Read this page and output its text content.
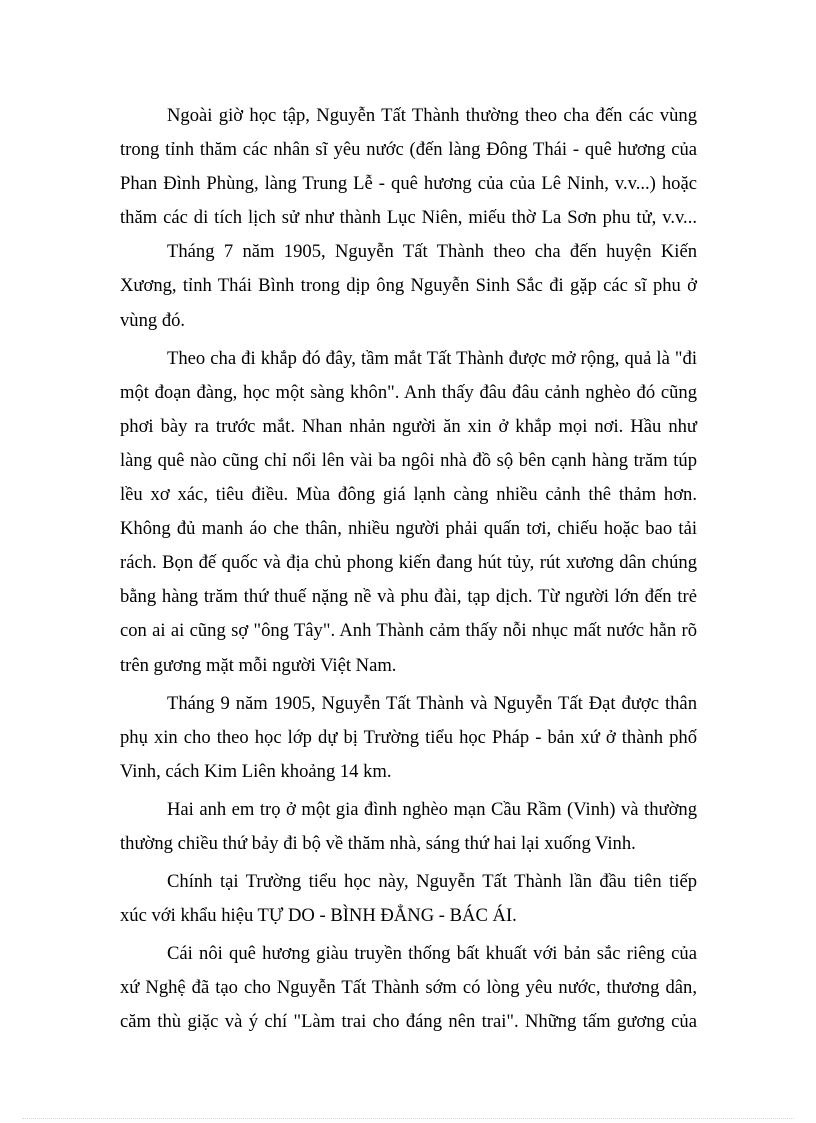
Ngoài giờ học tập, Nguyễn Tất Thành thường theo cha đến các vùng
trong tỉnh thăm các nhân sĩ yêu nước (đến làng Đông Thái - quê hương của
Phan Đình Phùng, làng Trung Lễ - quê hương của của Lê Ninh, v.v...) hoặc
thăm các di tích lịch sử như thành Lục Niên, miếu thờ La Sơn phu tử, v.v...

Tháng 7 năm 1905, Nguyễn Tất Thành theo cha đến huyện Kiến
Xương, tỉnh Thái Bình trong dịp ông Nguyễn Sinh Sắc đi gặp các sĩ phu ở
vùng đó.

Theo cha đi khắp đó đây, tầm mắt Tất Thành được mở rộng, quả là "đi
một đoạn đàng, học một sàng khôn". Anh thấy đâu đâu cảnh nghèo đó cũng
phơi bày ra trước mắt. Nhan nhản người ăn xin ở khắp mọi nơi. Hầu như
làng quê nào cũng chỉ nổi lên vài ba ngôi nhà đồ sộ bên cạnh hàng trăm túp
lều xơ xác, tiêu điều. Mùa đông giá lạnh càng nhiều cảnh thê thảm hơn.
Không đủ manh áo che thân, nhiều người phải quấn tơi, chiếu hoặc bao tải
rách. Bọn đế quốc và địa chủ phong kiến đang hút tủy, rút xương dân chúng
bằng hàng trăm thứ thuế nặng nề và phu đài, tạp dịch. Từ người lớn đến trẻ
con ai ai cũng sợ "ông Tây". Anh Thành cảm thấy nỗi nhục mất nước hằn rõ
trên gương mặt mỗi người Việt Nam.

Tháng 9 năm 1905, Nguyễn Tất Thành và Nguyễn Tất Đạt được thân
phụ xin cho theo học lớp dự bị Trường tiểu học Pháp - bản xứ ở thành phố
Vinh, cách Kim Liên khoảng 14 km.

Hai anh em trọ ở một gia đình nghèo mạn Cầu Rầm (Vinh) và thường
thường chiều thứ bảy đi bộ về thăm nhà, sáng thứ hai lại xuống Vinh.

Chính tại Trường tiểu học này, Nguyễn Tất Thành lần đầu tiên tiếp
xúc với khẩu hiệu TỰ DO - BÌNH ĐẲNG - BÁC ÁI.

Cái nôi quê hương giàu truyền thống bất khuất với bản sắc riêng của
xứ Nghệ đã tạo cho Nguyễn Tất Thành sớm có lòng yêu nước, thương dân,
căm thù giặc và ý chí "Làm trai cho đáng nên trai". Những tấm gương của
